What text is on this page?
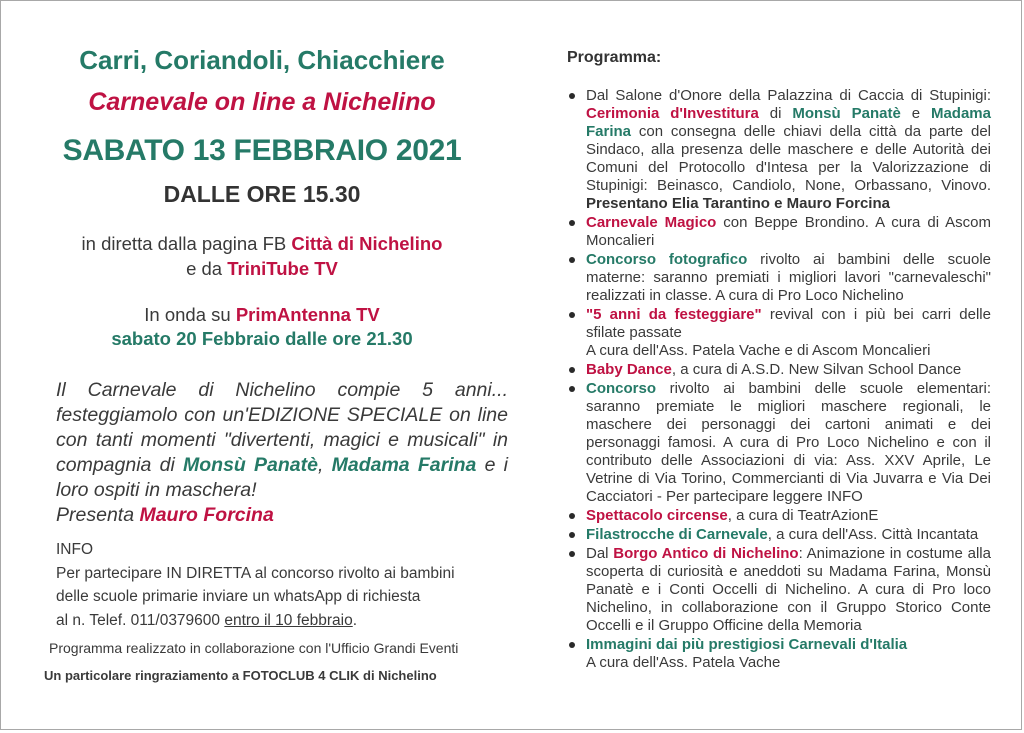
Carri, Coriandoli, Chiacchiere
Carnevale on line a Nichelino
SABATO 13 FEBBRAIO 2021
DALLE ORE 15.30
in diretta dalla pagina FB Città di Nichelino
e da TriniTube TV
In onda su PrimAntenna TV
sabato 20 Febbraio dalle ore 21.30
Il Carnevale di Nichelino compie 5 anni... festeggiamolo con un'EDIZIONE SPECIALE on line con tanti momenti "divertenti, magici e musicali" in compagnia di Monsù Panatè, Madama Farina e i loro ospiti in maschera!
Presenta Mauro Forcina
INFO
Per partecipare IN DIRETTA al concorso rivolto ai bambini
delle scuole primarie inviare un whatsApp di richiesta
al n. Telef. 011/0379600 entro il 10 febbraio.
Programma realizzato in collaborazione con l'Ufficio Grandi Eventi
Un particolare ringraziamento a FOTOCLUB 4 CLIK di Nichelino
Programma:
Dal Salone d'Onore della Palazzina di Caccia di Stupinigi: Cerimonia d'Investitura di Monsù Panatè e Madama Farina con consegna delle chiavi della città da parte del Sindaco, alla presenza delle maschere e delle Autorità dei Comuni del Protocollo d'Intesa per la Valorizzazione di Stupinigi: Beinasco, Candiolo, None, Orbassano, Vinovo. Presentano Elia Tarantino e Mauro Forcina
Carnevale Magico con Beppe Brondino. A cura di Ascom Moncalieri
Concorso fotografico rivolto ai bambini delle scuole materne: saranno premiati i migliori lavori "carnevaleschi" realizzati in classe. A cura di Pro Loco Nichelino
"5 anni da festeggiare" revival con i più bei carri delle sfilate passate
A cura dell'Ass. Patela Vache e di Ascom Moncalieri
Baby Dance, a cura di A.S.D. New Silvan School Dance
Concorso rivolto ai bambini delle scuole elementari: saranno premiate le migliori maschere regionali, le maschere dei personaggi dei cartoni animati e dei personaggi famosi. A cura di Pro Loco Nichelino e con il contributo delle Associazioni di via: Ass. XXV Aprile, Le Vetrine di Via Torino, Commercianti di Via Juvarra e Via Dei Cacciatori - Per partecipare leggere INFO
Spettacolo circense, a cura di TeatrAzionE
Filastrocche di Carnevale, a cura dell'Ass. Città Incantata
Dal Borgo Antico di Nichelino: Animazione in costume alla scoperta di curiosità e aneddoti su Madama Farina, Monsù Panatè e i Conti Occelli di Nichelino. A cura di Pro loco Nichelino, in collaborazione con il Gruppo Storico Conte Occelli e il Gruppo Officine della Memoria
Immagini dai più prestigiosi Carnevali d'Italia
A cura dell'Ass. Patela Vache
